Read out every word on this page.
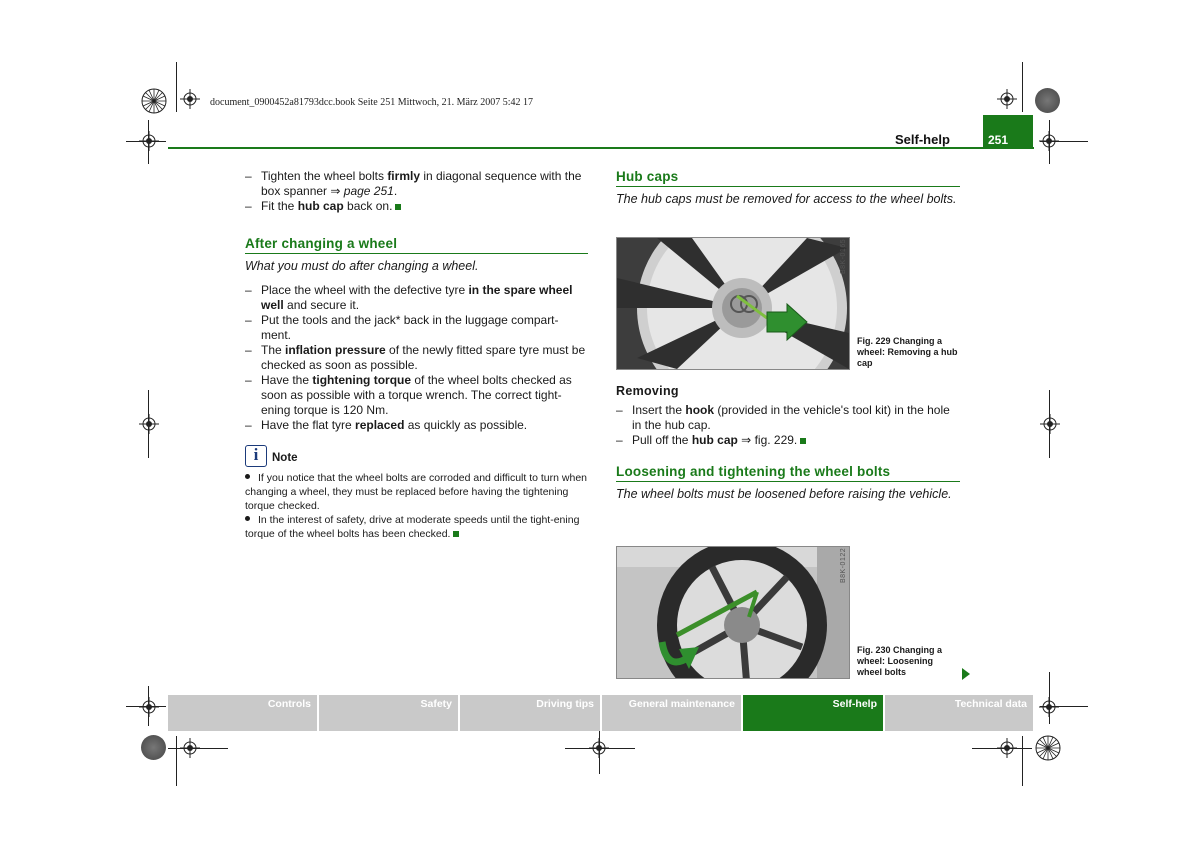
document_0900452a81793dcc.book Seite 251 Mittwoch, 21. März 2007 5:42 17
Self-help	251

– Tighten the wheel bolts firmly in diagonal sequence with the box spanner ⇒ page 251.

– Fit the hub cap back on.

After changing a wheel
What you must do after changing a wheel.

– Place the wheel with the defective tyre in the spare wheel well and secure it.

– Put the tools and the jack* back in the luggage compart-ment.

– The inflation pressure of the newly fitted spare tyre must be checked as soon as possible.

– Have the tightening torque of the wheel bolts checked as soon as possible with a torque wrench. The correct tight-ening torque is 120 Nm.

– Have the flat tyre replaced as quickly as possible.

i	Note

If you notice that the wheel bolts are corroded and difficult to turn when changing a wheel, they must be replaced before having the tightening torque checked.

In the interest of safety, drive at moderate speeds until the tight-ening torque of the wheel bolts has been checked.

Hub caps
The hub caps must be removed for access to the wheel bolts.
B8K-0165
Fig. 229 Changing a wheel: Removing a hub cap
Removing

– Insert the hook (provided in the vehicle's tool kit) in the hole in the hub cap.

– Pull off the hub cap ⇒ fig. 229.

Loosening and tightening the wheel bolts
The wheel bolts must be loosened before raising the vehicle.
B8K-0122
Fig. 230 Changing a wheel: Loosening wheel bolts
Controls	Safety	Driving tips	General maintenance	Self-help	Technical data
